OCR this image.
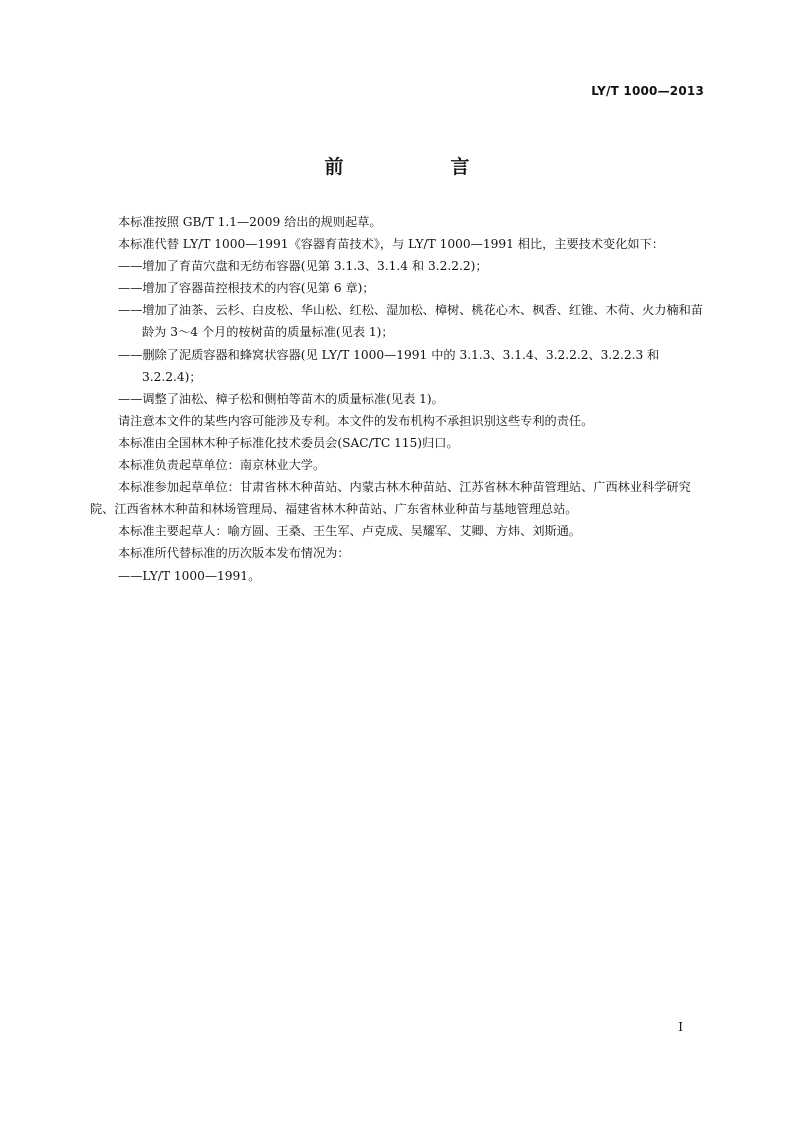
LY/T 1000—2013
前　言

本标准按照 GB/T 1.1—2009 给出的规则起草。

本标准代替 LY/T 1000—1991《容器育苗技术》，与 LY/T 1000—1991 相比，主要技术变化如下：

——增加了育苗穴盘和无纺布容器(见第 3.1.3、3.1.4 和 3.2.2.2)；

——增加了容器苗控根技术的内容(见第 6 章)；

——增加了油茶、云杉、白皮松、华山松、红松、湿加松、樟树、桃花心木、枫香、红锥、木荷、火力楠和苗龄为 3～4 个月的桉树苗的质量标准(见表 1)；

——删除了泥质容器和蜂窝状容器(见 LY/T 1000—1991 中的 3.1.3、3.1.4、3.2.2.2、3.2.2.3 和 3.2.2.4)；

——调整了油松、樟子松和侧柏等苗木的质量标准(见表 1)。

请注意本文件的某些内容可能涉及专利。本文件的发布机构不承担识别这些专利的责任。

本标准由全国林木种子标准化技术委员会(SAC/TC 115)归口。

本标准负责起草单位：南京林业大学。

本标准参加起草单位：甘肃省林木种苗站、内蒙古林木种苗站、江苏省林木种苗管理站、广西林业科学研究院、江西省林木种苗和林场管理局、福建省林木种苗站、广东省林业种苗与基地管理总站。

本标准主要起草人：喻方圆、王桑、王生军、卢克成、吴耀军、艾卿、方炜、刘斯通。

本标准所代替标准的历次版本发布情况为：

——LY/T 1000—1991。

I
